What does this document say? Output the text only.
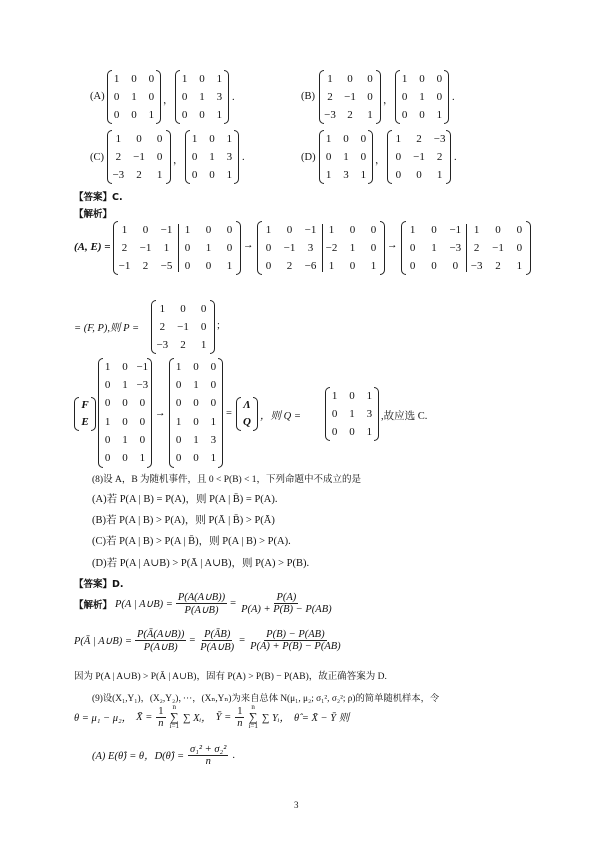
(A)
1 0 0
0 1 0
0 0 1
，
1 0 1
0 1 3
0 0 1
.	(B)
1 0 0
2 −1 0
−3 2 1
，
1 0 0
0 1 0
0 0 1
.
(C)
1 0 0
2 −1 0
−3 2 1
，
1 0 1
0 1 3
0 0 1
.	(D)
1 0 0
0 1 0
1 3 1
，
1 2 −3
0 −1 2
0 0 1
.
【答案】C.
【解析】
(A, E) =
1 0 −1 1 0 0
2 −1 1 0 1 0
−1 2 −5 0 0 1
→
1 0 −1 1 0 0
0 −1 3 −2 1 0
0 2 −6 1 0 1
→
1 0 −1 1 0 0
0 1 −3 2 −1 0
0 0 0 −3 2 1
= (F, P),则 P =
1 0 0
2 −1 0
−3 2 1
;
F
E
1 0 −1
0 1 −3
0 0 0
1 0 0
0 1 0
0 0 1
→
1 0 0
0 1 0
0 0 0
1 0 1
0 1 3
0 0 1
=
Λ
Q ，则 Q =
1 0 1
0 1 3
0 0 1
,故应选 C.
(8)设 A，B 为随机事件，且 0 < P(B) < 1，下列命题中不成立的是
(A)若 P(A | B) = P(A)，则 P(A | B̄) = P(A).
(B)若 P(A | B) > P(A)，则 P(Ā | B̄) > P(Ā)
(C)若 P(A | B) > P(A | B̄)，则 P(A | B) > P(A).
(D)若 P(A | A∪B) > P(Ā | A∪B)，则 P(A) > P(B).
【答案】D.
【解析】 P(A | A∪B) = $\frac{P(A(A\cup B))}{P(A\cup B)} = \frac{P(A)}{P(A) + P(B) - P(AB)}$
P(Ā | A∪B) = $\frac{P(Ā(A\cup B))}{P(A\cup B)} = \frac{P(ĀB)}{P(A\cup B)} = \frac{P(B) - P(AB)}{P(A) + P(B) - P(AB)}$
因为 P(A | A∪B) > P(Ā | A∪B)，固有 P(A) > P(B) − P(AB)，故正确答案为 D.
(9)设(X₁,Y₁)，(X₂,Y₂)，···，(Xₙ,Yₙ)为来自总体 N(μ₁, μ₂; σ₁², σ₂²; ρ)的简单随机样本，令
θ = μ₁ − μ₂， X̄ = $\frac{1}{n}$ n
∑
i=1
∑ Xᵢ， Ȳ = $\frac{1}{n}$ n
∑
i=1
∑ Yᵢ， θ̂ = X̄ − Ȳ 则
(A) E(θ̂) = θ，D(θ̂) = $\frac{\text{σ₁² + σ₂²}}{n}$ .
3
